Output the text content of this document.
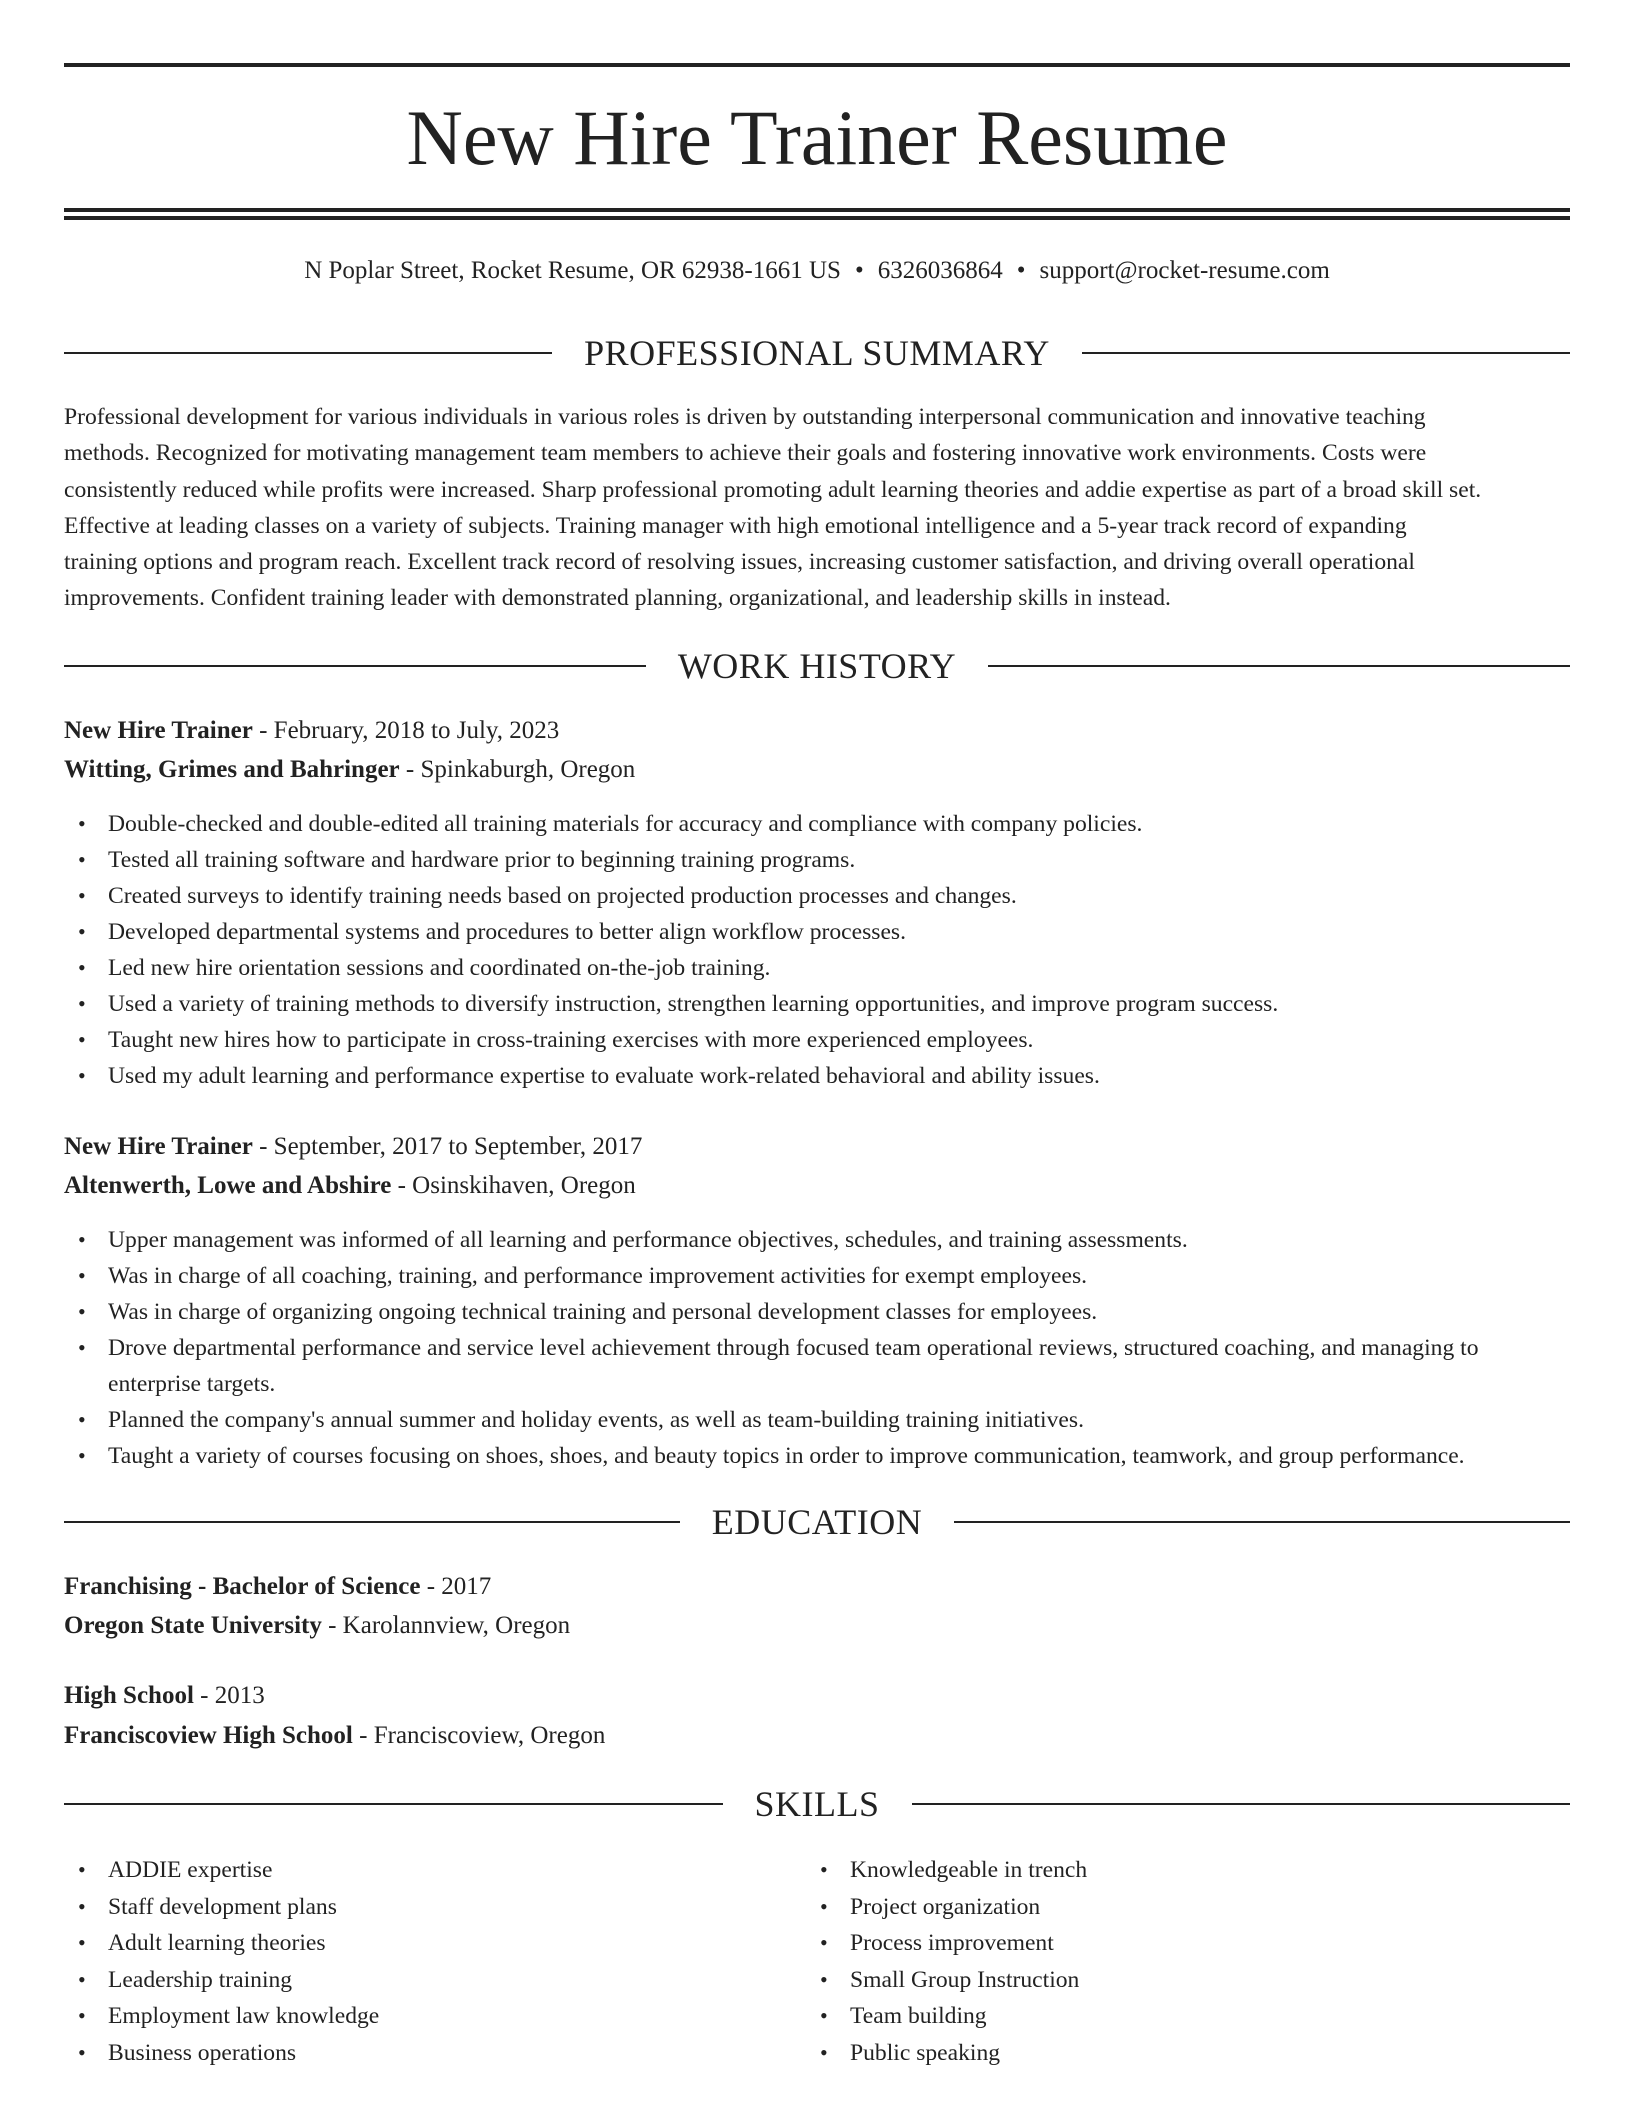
New Hire Trainer Resume
N Poplar Street, Rocket Resume, OR 62938-1661 US • 6326036864 • support@rocket-resume.com
PROFESSIONAL SUMMARY
Professional development for various individuals in various roles is driven by outstanding interpersonal communication and innovative teaching
methods. Recognized for motivating management team members to achieve their goals and fostering innovative work environments. Costs were
consistently reduced while profits were increased. Sharp professional promoting adult learning theories and addie expertise as part of a broad skill set.
Effective at leading classes on a variety of subjects. Training manager with high emotional intelligence and a 5-year track record of expanding
training options and program reach. Excellent track record of resolving issues, increasing customer satisfaction, and driving overall operational
improvements. Confident training leader with demonstrated planning, organizational, and leadership skills in instead.
WORK HISTORY
New Hire Trainer - February, 2018 to July, 2023
Witting, Grimes and Bahringer - Spinkaburgh, Oregon
• Double-checked and double-edited all training materials for accuracy and compliance with company policies.
• Tested all training software and hardware prior to beginning training programs.
• Created surveys to identify training needs based on projected production processes and changes.
• Developed departmental systems and procedures to better align workflow processes.
• Led new hire orientation sessions and coordinated on-the-job training.
• Used a variety of training methods to diversify instruction, strengthen learning opportunities, and improve program success.
• Taught new hires how to participate in cross-training exercises with more experienced employees.
• Used my adult learning and performance expertise to evaluate work-related behavioral and ability issues.
New Hire Trainer - September, 2017 to September, 2017
Altenwerth, Lowe and Abshire - Osinskihaven, Oregon
• Upper management was informed of all learning and performance objectives, schedules, and training assessments.
• Was in charge of all coaching, training, and performance improvement activities for exempt employees.
• Was in charge of organizing ongoing technical training and personal development classes for employees.
• Drove departmental performance and service level achievement through focused team operational reviews, structured coaching, and managing to enterprise targets.
• Planned the company's annual summer and holiday events, as well as team-building training initiatives.
• Taught a variety of courses focusing on shoes, shoes, and beauty topics in order to improve communication, teamwork, and group performance.
EDUCATION
Franchising - Bachelor of Science - 2017
Oregon State University - Karolannview, Oregon
High School - 2013
Franciscoview High School - Franciscoview, Oregon
SKILLS
• ADDIE expertise
• Staff development plans
• Adult learning theories
• Leadership training
• Employment law knowledge
• Business operations
• Knowledgeable in trench
• Project organization
• Process improvement
• Small Group Instruction
• Team building
• Public speaking
